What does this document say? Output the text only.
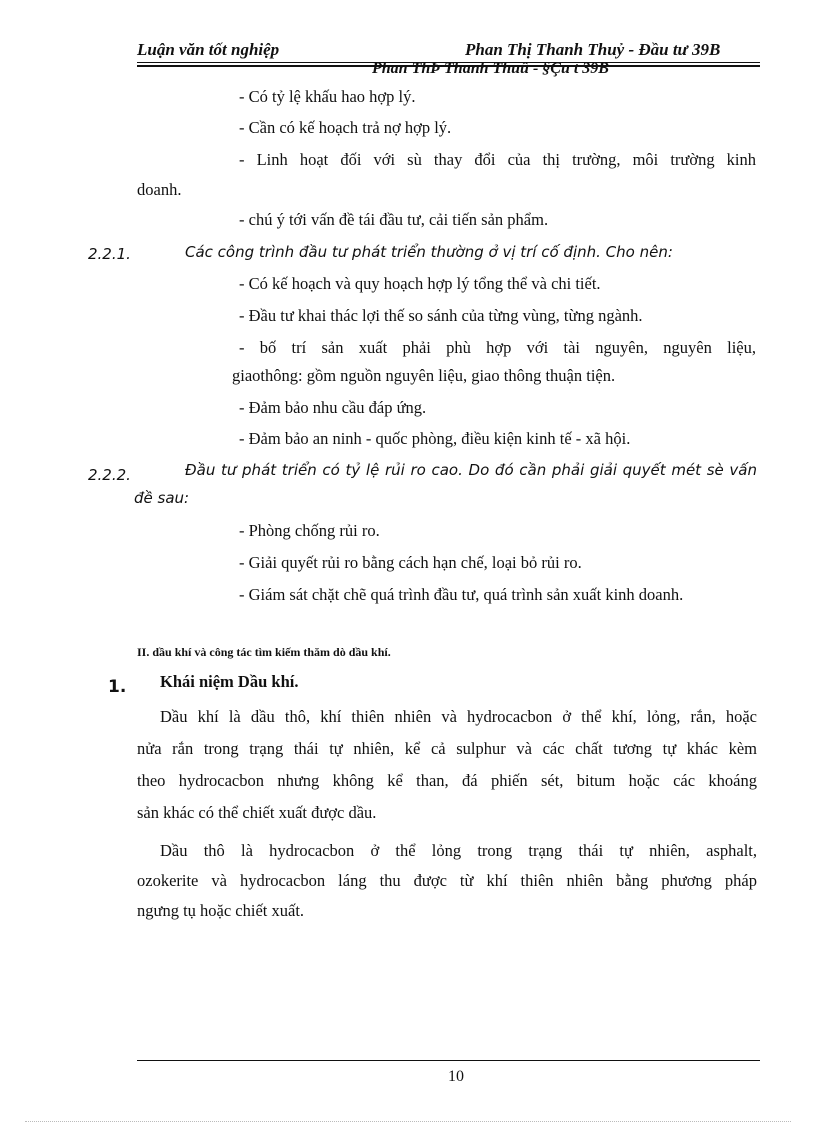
Luận văn tốt nghiệp	Phan Thị Thanh Thuỷ - Đầu tư 39B
Phan ThÞ Thanh Thuû - §Çu t 39B
- Có tỷ lệ khấu hao hợp lý.
- Cần có kế hoạch trả nợ hợp lý.
- Linh hoạt đối với sù thay đổi của thị trường, môi trường kinh
doanh.
- chú ý tới vấn đề tái đầu tư, cải tiến sản phẩm.
2.2.1.	Các công trình đầu tư phát triển thường ở vị trí cố định. Cho nên:
- Có kế hoạch và quy hoạch hợp lý tổng thể và chi tiết.
- Đầu tư khai thác lợi thế so sánh của từng vùng, từng ngành.
- bố trí sản xuất phải phù hợp với tài nguyên, nguyên liệu,
giaothông: gồm nguồn nguyên liệu, giao thông thuận tiện.
- Đảm bảo nhu cầu đáp ứng.
- Đảm bảo an ninh - quốc phòng, điều kiện kinh tế - xã hội.
2.2.2.	Đầu tư phát triển có tỷ lệ rủi ro cao. Do đó cần phải giải quyết mét sè vấn
đề sau:
- Phòng chống rủi ro.
- Giải quyết rủi ro bằng cách hạn chế, loại bỏ rủi ro.
- Giám sát chặt chẽ quá trình đầu tư, quá trình sản xuất kinh doanh.
II. dầu khí và công tác tìm kiếm thăm dò dầu khí.
1. Khái niệm Dầu khí.
Dầu khí là dầu thô, khí thiên nhiên và hydrocacbon ở thể khí, lỏng, rắn, hoặc
nửa rắn trong trạng thái tự nhiên, kể cả sulphur và các chất tương tự khác kèm
theo hydrocacbon nhưng không kể than, đá phiến sét, bitum hoặc các khoáng
sản khác có thể chiết xuất được dầu.
Dầu thô là hydrocacbon ở thể lỏng trong trạng thái tự nhiên, asphalt,
ozokerite và hydrocacbon láng thu được từ khí thiên nhiên bằng phương pháp
ngưng tụ hoặc chiết xuất.
10
